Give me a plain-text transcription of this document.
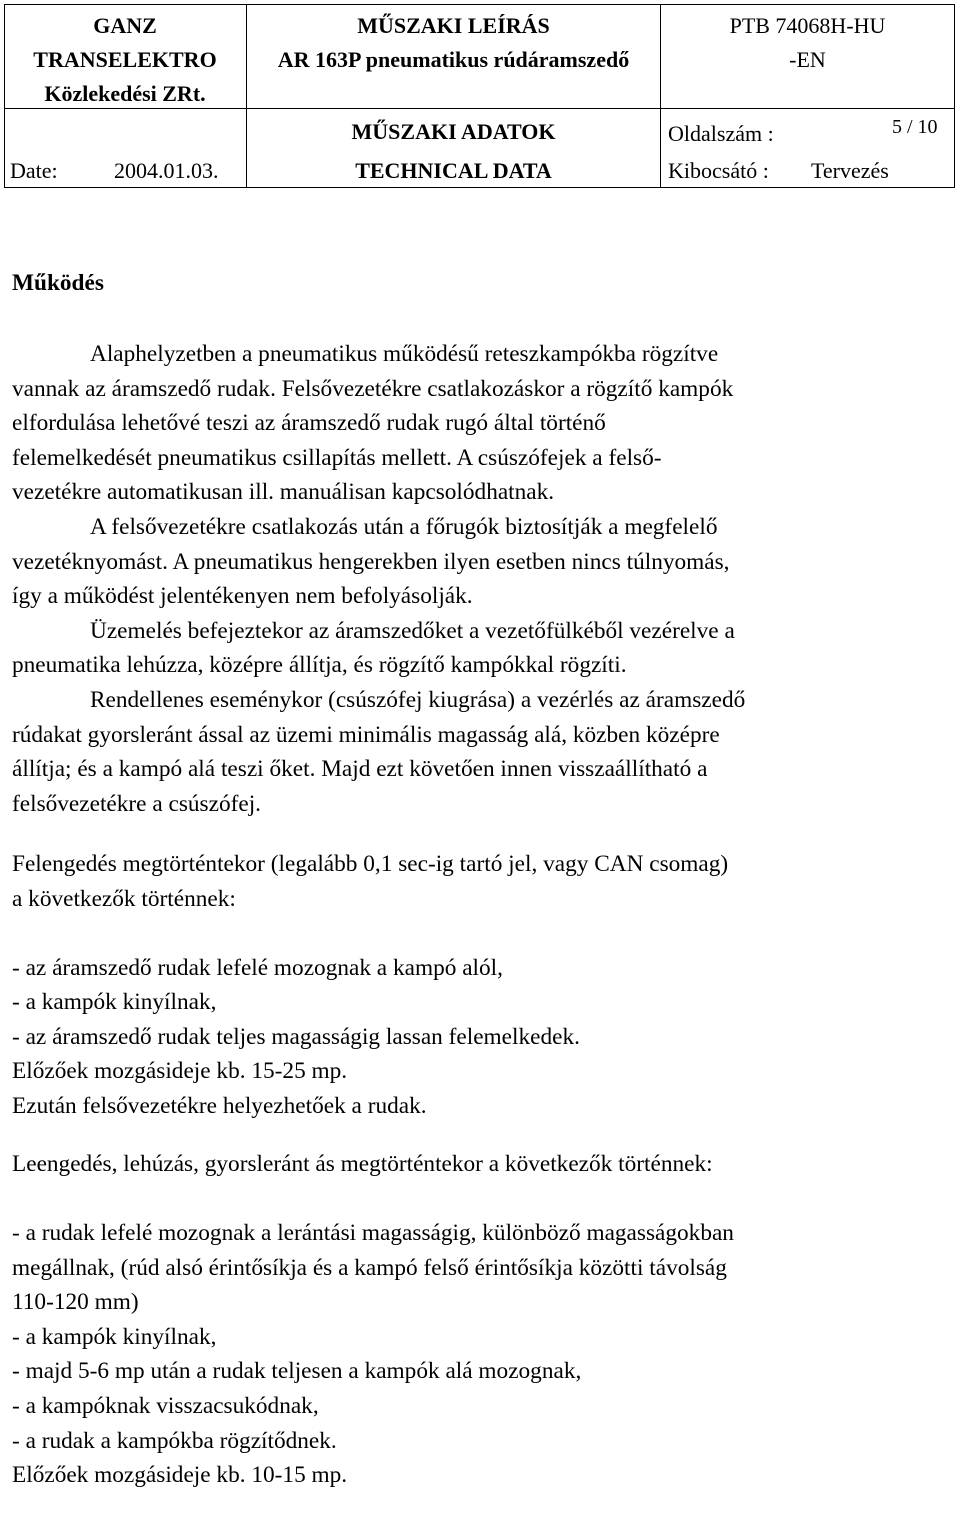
GANZ
TRANSELEKTRO
Közlekedési ZRt.
MŰSZAKI LEÍRÁS
AR 163P pneumatikus rúdáramszedő
PTB 74068H-HU
-EN
MŰSZAKI ADATOK
TECHNICAL DATA
Oldalszám :	5 / 10
Kibocsátó : Tervezés
Date:	2004.01.03.

Működés

Alaphelyzetben a pneumatikus működésű reteszkampókba rögzítve

vannak az áramszedő rudak. Felsővezetékre csatlakozáskor a rögzítő kampók

elfordulása lehetővé teszi az áramszedő rudak rugó által történő

felemelkedését pneumatikus csillapítás mellett. A csúszófejek a felső-

vezetékre automatikusan ill. manuálisan kapcsolódhatnak.

A felsővezetékre csatlakozás után a főrugók biztosítják a megfelelő

vezetéknyomást. A pneumatikus hengerekben ilyen esetben nincs túlnyomás,

így a működést jelentékenyen nem befolyásolják.

Üzemelés befejeztekor az áramszedőket a vezetőfülkéből vezérelve a

pneumatika lehúzza, középre állítja, és rögzítő kampókkal rögzíti.

Rendellenes eseménykor (csúszófej kiugrása) a vezérlés az áramszedő

rúdakat gyorsleránt ással az üzemi minimális magasság alá, közben középre

állítja; és a kampó alá teszi őket. Majd ezt követően innen visszaállítható a

felsővezetékre a csúszófej.

Felengedés megtörténtekor (legalább 0,1 sec-ig tartó jel, vagy CAN csomag)

a következők történnek:

- az áramszedő rudak lefelé mozognak a kampó alól,

- a kampók kinyílnak,

- az áramszedő rudak teljes magasságig lassan felemelkedek.

Előzőek mozgásideje kb. 15-25 mp.

Ezután felsővezetékre helyezhetőek a rudak.

Leengedés, lehúzás, gyorsleránt ás megtörténtekor a következők történnek:

- a rudak lefelé mozognak a lerántási magasságig, különböző magasságokban

megállnak, (rúd alsó érintősíkja és a kampó felső érintősíkja közötti távolság

110-120 mm)

- a kampók kinyílnak,

- majd 5-6 mp után a rudak teljesen a kampók alá mozognak,

- a kampóknak visszacsukódnak,

- a rudak a kampókba rögzítődnek.

Előzőek mozgásideje kb. 10-15 mp.
